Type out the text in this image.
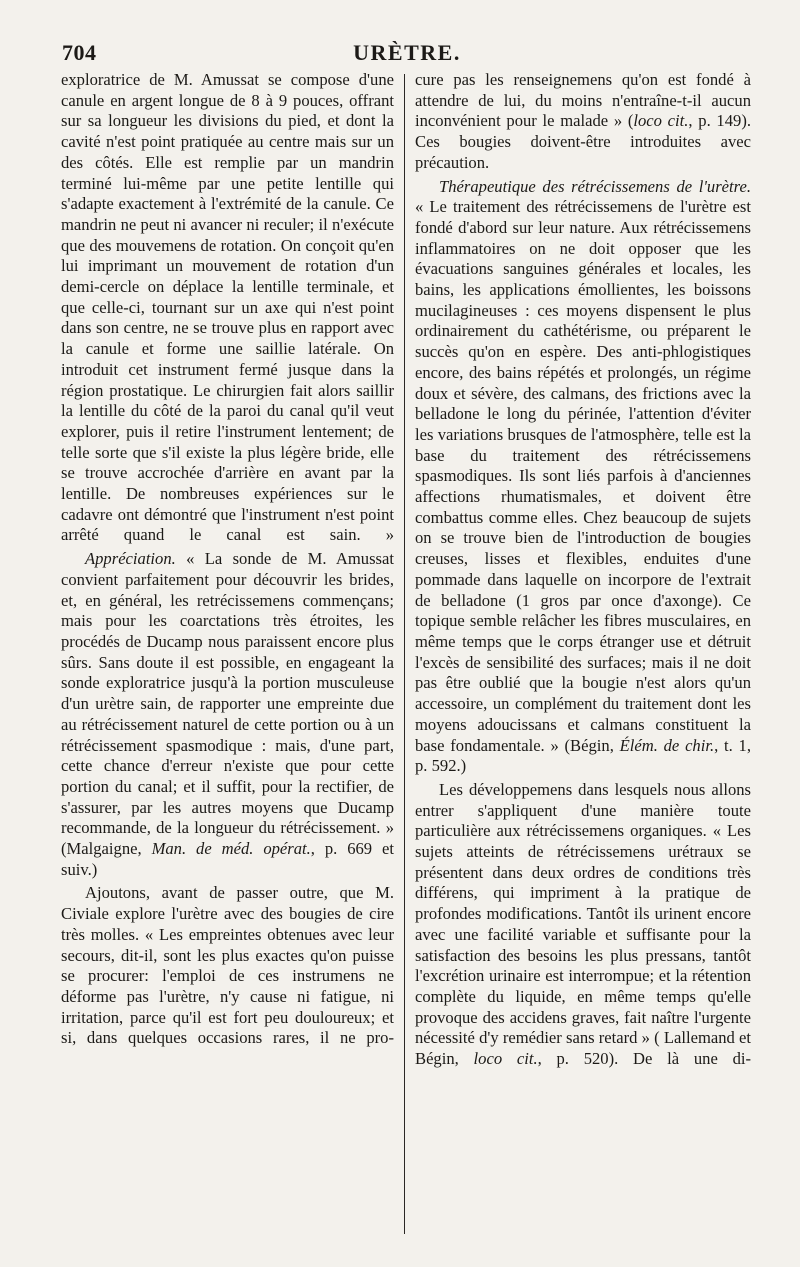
704	URÈTRE.

exploratrice de M. Amussat se compose d'une canule en argent longue de 8 à 9 pouces, offrant sur sa longueur les divisions du pied, et dont la cavité n'est point pratiquée au centre mais sur un des côtés. Elle est remplie par un mandrin terminé lui-même par une petite lentille qui s'adapte exactement à l'extrémité de la canule. Ce mandrin ne peut ni avancer ni reculer; il n'exécute que des mouvemens de rotation. On conçoit qu'en lui imprimant un mouvement de rotation d'un demi-cercle on déplace la lentille terminale, et que celle-ci, tournant sur un axe qui n'est point dans son centre, ne se trouve plus en rapport avec la canule et forme une saillie latérale. On introduit cet instrument fermé jusque dans la région prostatique. Le chirurgien fait alors saillir la lentille du côté de la paroi du canal qu'il veut explorer, puis il retire l'instrument lentement; de telle sorte que s'il existe la plus légère bride, elle se trouve accrochée d'arrière en avant par la lentille. De nombreuses expériences sur le cadavre ont démontré que l'instrument n'est point arrêté quand le canal est sain. »

Appréciation. « La sonde de M. Amussat convient parfaitement pour découvrir les brides, et, en général, les retrécissemens commençans; mais pour les coarctations très étroites, les procédés de Ducamp nous paraissent encore plus sûrs. Sans doute il est possible, en engageant la sonde exploratrice jusqu'à la portion musculeuse d'un urètre sain, de rapporter une empreinte due au rétrécissement naturel de cette portion ou à un rétrécissement spasmodique : mais, d'une part, cette chance d'erreur n'existe que pour cette portion du canal; et il suffit, pour la rectifier, de s'assurer, par les autres moyens que Ducamp recommande, de la longueur du rétrécissement. » (Malgaigne, Man. de méd. opérat., p. 669 et suiv.)

Ajoutons, avant de passer outre, que M. Civiale explore l'urètre avec des bougies de cire très molles. « Les empreintes obtenues avec leur secours, dit-il, sont les plus exactes qu'on puisse se procurer: l'emploi de ces instrumens ne déforme pas l'urètre, n'y cause ni fatigue, ni irritation, parce qu'il est fort peu douloureux; et si, dans quelques occasions rares, il ne pro-

cure pas les renseignemens qu'on est fondé à attendre de lui, du moins n'entraîne-t-il aucun inconvénient pour le malade » (loco cit., p. 149). Ces bougies doivent-être introduites avec précaution.

Thérapeutique des rétrécissemens de l'urètre. « Le traitement des rétrécissemens de l'urètre est fondé d'abord sur leur nature. Aux rétrécissemens inflammatoires on ne doit opposer que les évacuations sanguines générales et locales, les bains, les applications émollientes, les boissons mucilagineuses : ces moyens dispensent le plus ordinairement du cathétérisme, ou préparent le succès qu'on en espère. Des anti-phlogistiques encore, des bains répétés et prolongés, un régime doux et sévère, des calmans, des frictions avec la belladone le long du périnée, l'attention d'éviter les variations brusques de l'atmosphère, telle est la base du traitement des rétrécissemens spasmodiques. Ils sont liés parfois à d'anciennes affections rhumatismales, et doivent être combattus comme elles. Chez beaucoup de sujets on se trouve bien de l'introduction de bougies creuses, lisses et flexibles, enduites d'une pommade dans laquelle on incorpore de l'extrait de belladone (1 gros par once d'axonge). Ce topique semble relâcher les fibres musculaires, en même temps que le corps étranger use et détruit l'excès de sensibilité des surfaces; mais il ne doit pas être oublié que la bougie n'est alors qu'un accessoire, un complément du traitement dont les moyens adoucissans et calmans constituent la base fondamentale. » (Bégin, Élém. de chir., t. 1, p. 592.)

Les développemens dans lesquels nous allons entrer s'appliquent d'une manière toute particulière aux rétrécissemens organiques. « Les sujets atteints de rétrécissemens urétraux se présentent dans deux ordres de conditions très différens, qui impriment à la pratique de profondes modifications. Tantôt ils urinent encore avec une facilité variable et suffisante pour la satisfaction des besoins les plus pressans, tantôt l'excrétion urinaire est interrompue; et la rétention complète du liquide, en même temps qu'elle provoque des accidens graves, fait naître l'urgente nécessité d'y remédier sans retard » ( Lallemand et Bégin, loco cit., p. 520). De là une di-
